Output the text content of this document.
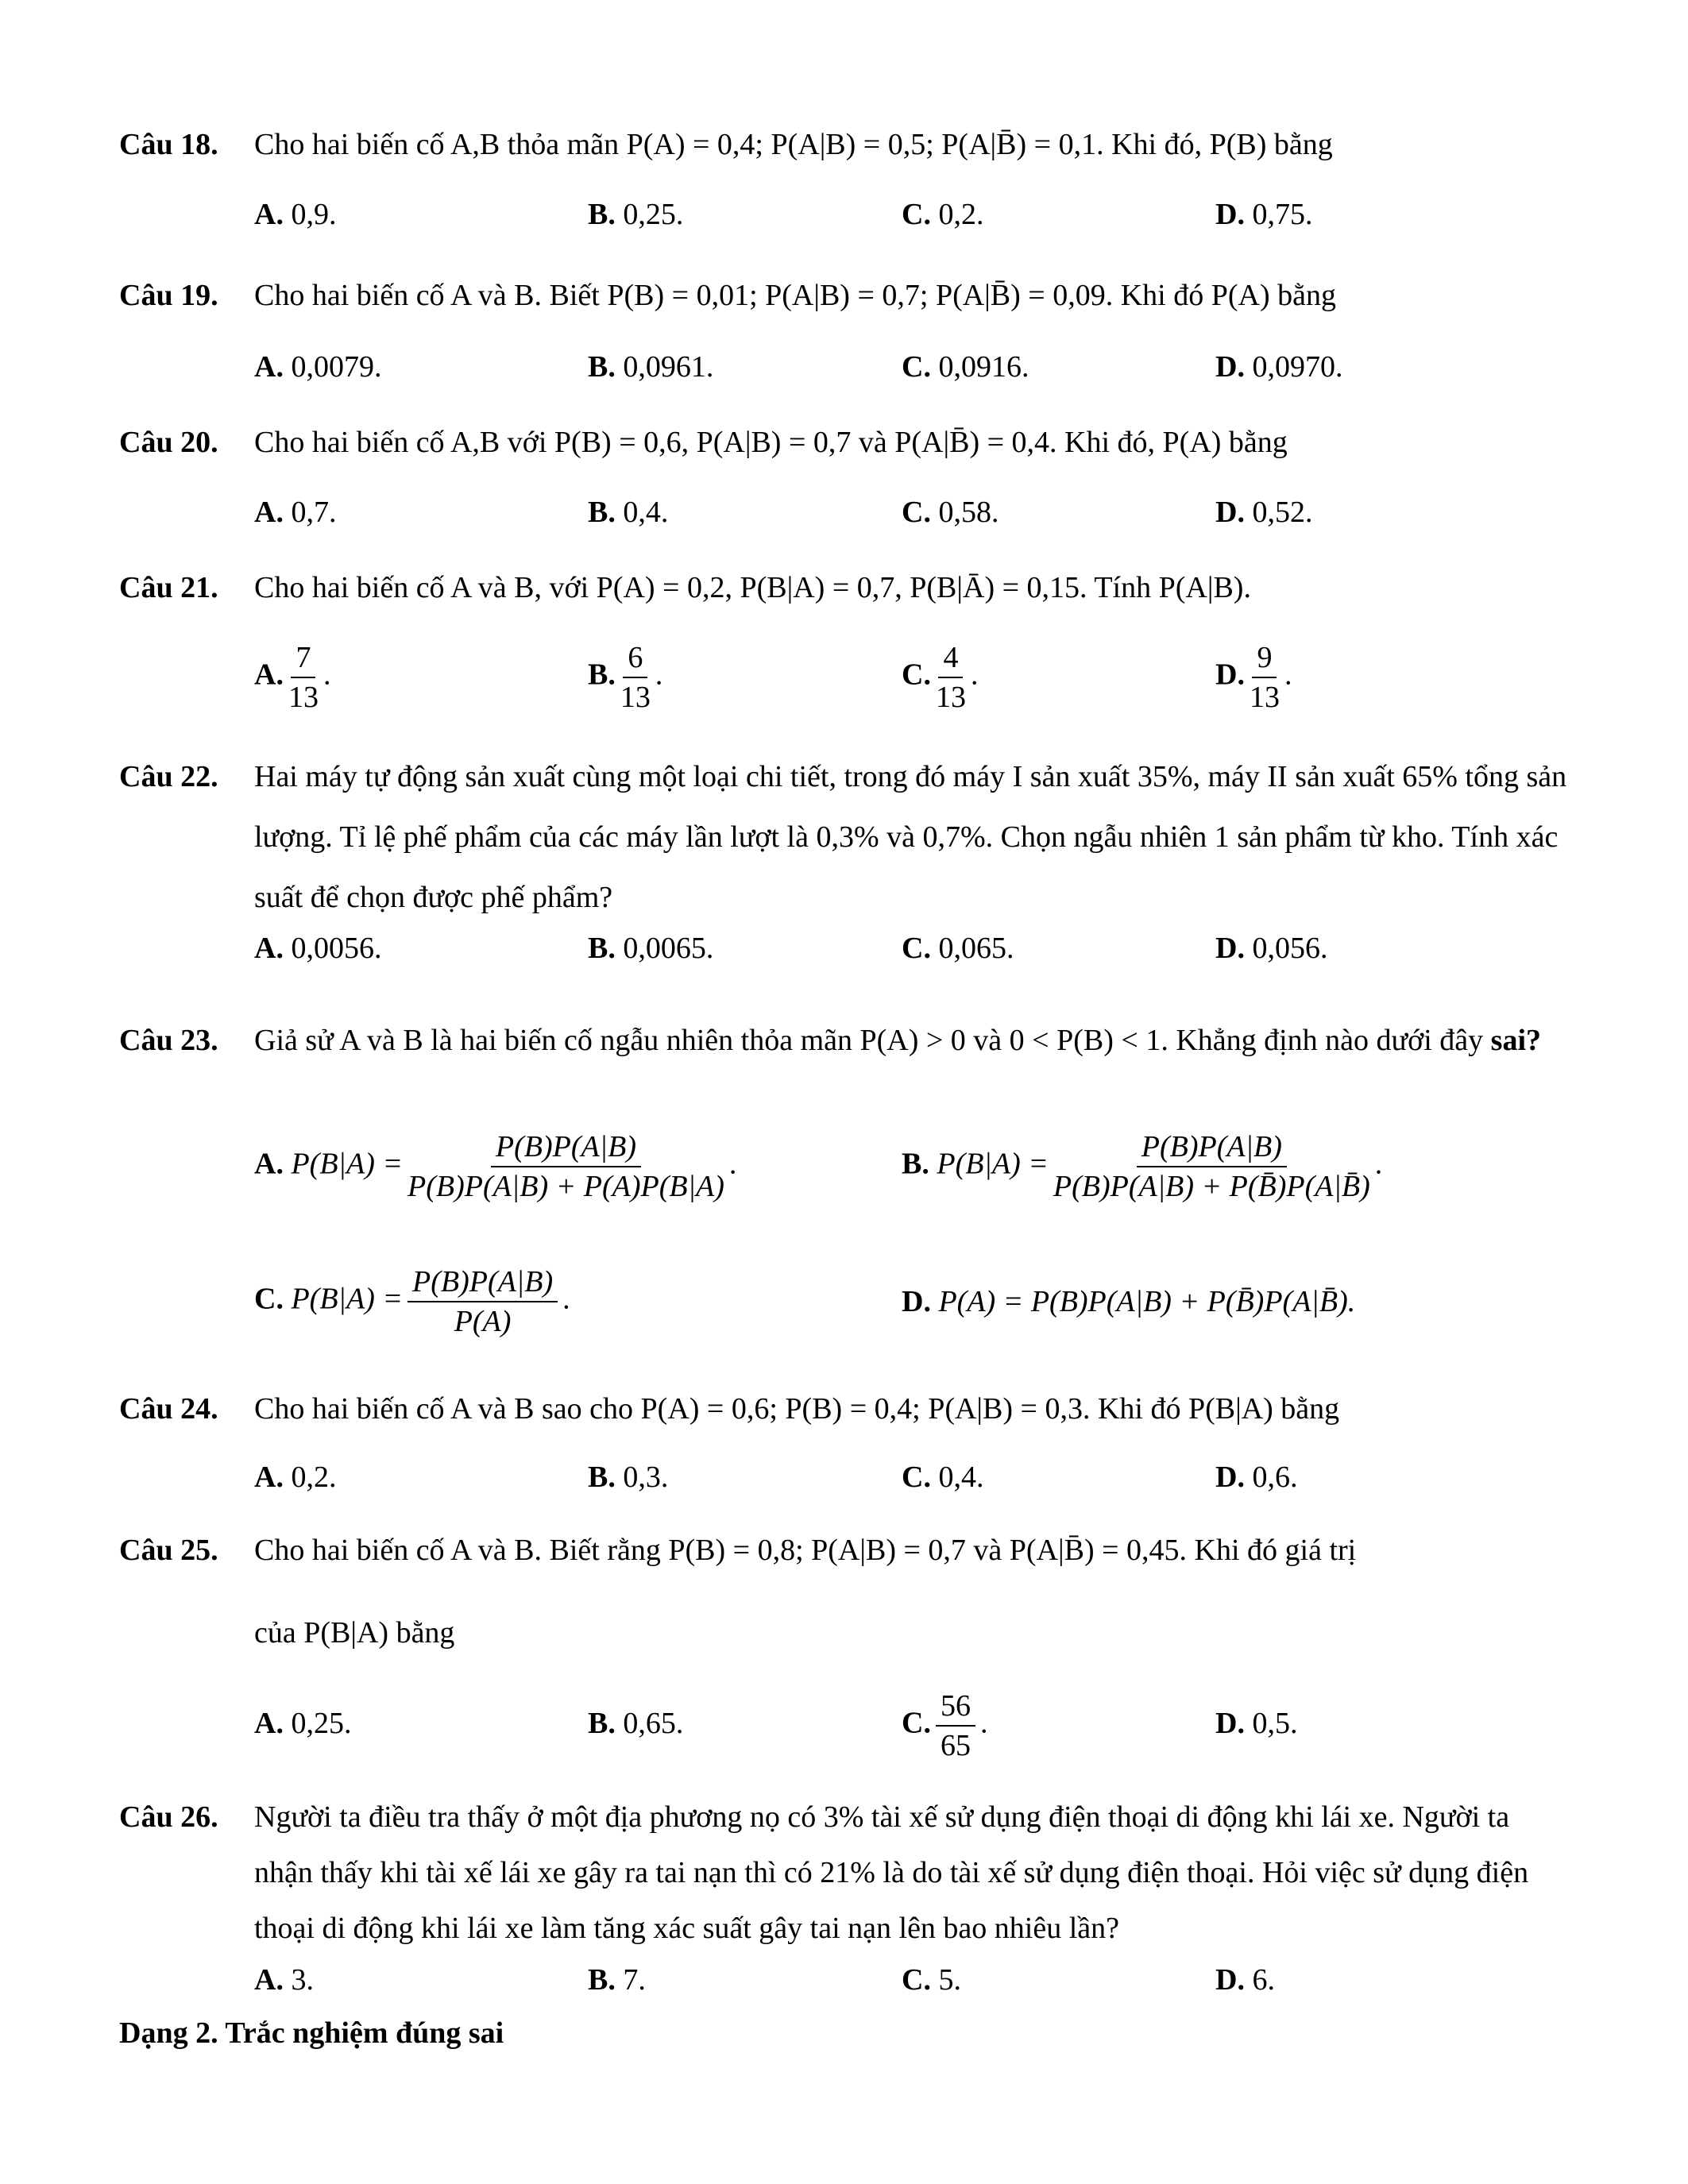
Câu 18.	Cho hai biến cố A,B thỏa mãn P(A) = 0,4; P(A|B) = 0,5; P(A|B̄) = 0,1. Khi đó, P(B) bằng
A. 0,9.	B. 0,25.	C. 0,2.	D. 0,75.
Câu 19.	Cho hai biến cố A và B. Biết P(B) = 0,01; P(A|B) = 0,7; P(A|B̄) = 0,09. Khi đó P(A) bằng
A. 0,0079.	B. 0,0961.	C. 0,0916.	D. 0,0970.
Câu 20.	Cho hai biến cố A,B với P(B) = 0,6, P(A|B) = 0,7 và P(A|B̄) = 0,4. Khi đó, P(A) bằng
A. 0,7.	B. 0,4.	C. 0,58.	D. 0,52.
Câu 21.	Cho hai biến cố A và B, với P(A) = 0,2, P(B|A) = 0,7, P(B|Ā) = 0,15. Tính P(A|B).
A. $\frac{7}{13}$ .	B. $\frac{6}{13}$ .	C. $\frac{4}{13}$ .	D. $\frac{9}{13}$ .
Câu 22.	Hai máy tự động sản xuất cùng một loại chi tiết, trong đó máy I sản xuất 35%, máy II sản xuất 65% tổng sản lượng. Tỉ lệ phế phẩm của các máy lần lượt là 0,3% và 0,7%. Chọn ngẫu nhiên 1 sản phẩm từ kho. Tính xác suất để chọn được phế phẩm?
A. 0,0056.	B. 0,0065.	C. 0,065.	D. 0,056.
Câu 23.	Giả sử A và B là hai biến cố ngẫu nhiên thỏa mãn P(A) > 0 và 0 < P(B) < 1. Khẳng định nào dưới đây sai?
A. $P(B|A) = \frac{P(B)P(A|B)}{P(B)P(A|B) + P(A)P(B|A)}$ .	B. $P(B|A) = \frac{P(B)P(A|B)}{P(B)P(A|B) + P(B̄)P(A|B̄)}$ .
C. $P(B|A) = \frac{P(B)P(A|B)}{P(A)}$ .	D. P(A) = P(B)P(A|B) + P(B̄)P(A|B̄).
Câu 24.	Cho hai biến cố A và B sao cho P(A) = 0,6; P(B) = 0,4; P(A|B) = 0,3. Khi đó P(B|A) bằng
A. 0,2.	B. 0,3.	C. 0,4.	D. 0,6.
Câu 25.	Cho hai biến cố A và B. Biết rằng P(B) = 0,8; P(A|B) = 0,7 và P(A|B̄) = 0,45. Khi đó giá trị
của P(B|A) bằng
A. 0,25.	B. 0,65.	C. $\frac{56}{65}$ .	D. 0,5.
Câu 26.	Người ta điều tra thấy ở một địa phương nọ có 3% tài xế sử dụng điện thoại di động khi lái xe. Người ta nhận thấy khi tài xế lái xe gây ra tai nạn thì có 21% là do tài xế sử dụng điện thoại. Hỏi việc sử dụng điện thoại di động khi lái xe làm tăng xác suất gây tai nạn lên bao nhiêu lần?
A. 3.	B. 7.	C. 5.	D. 6.
Dạng 2. Trắc nghiệm đúng sai
